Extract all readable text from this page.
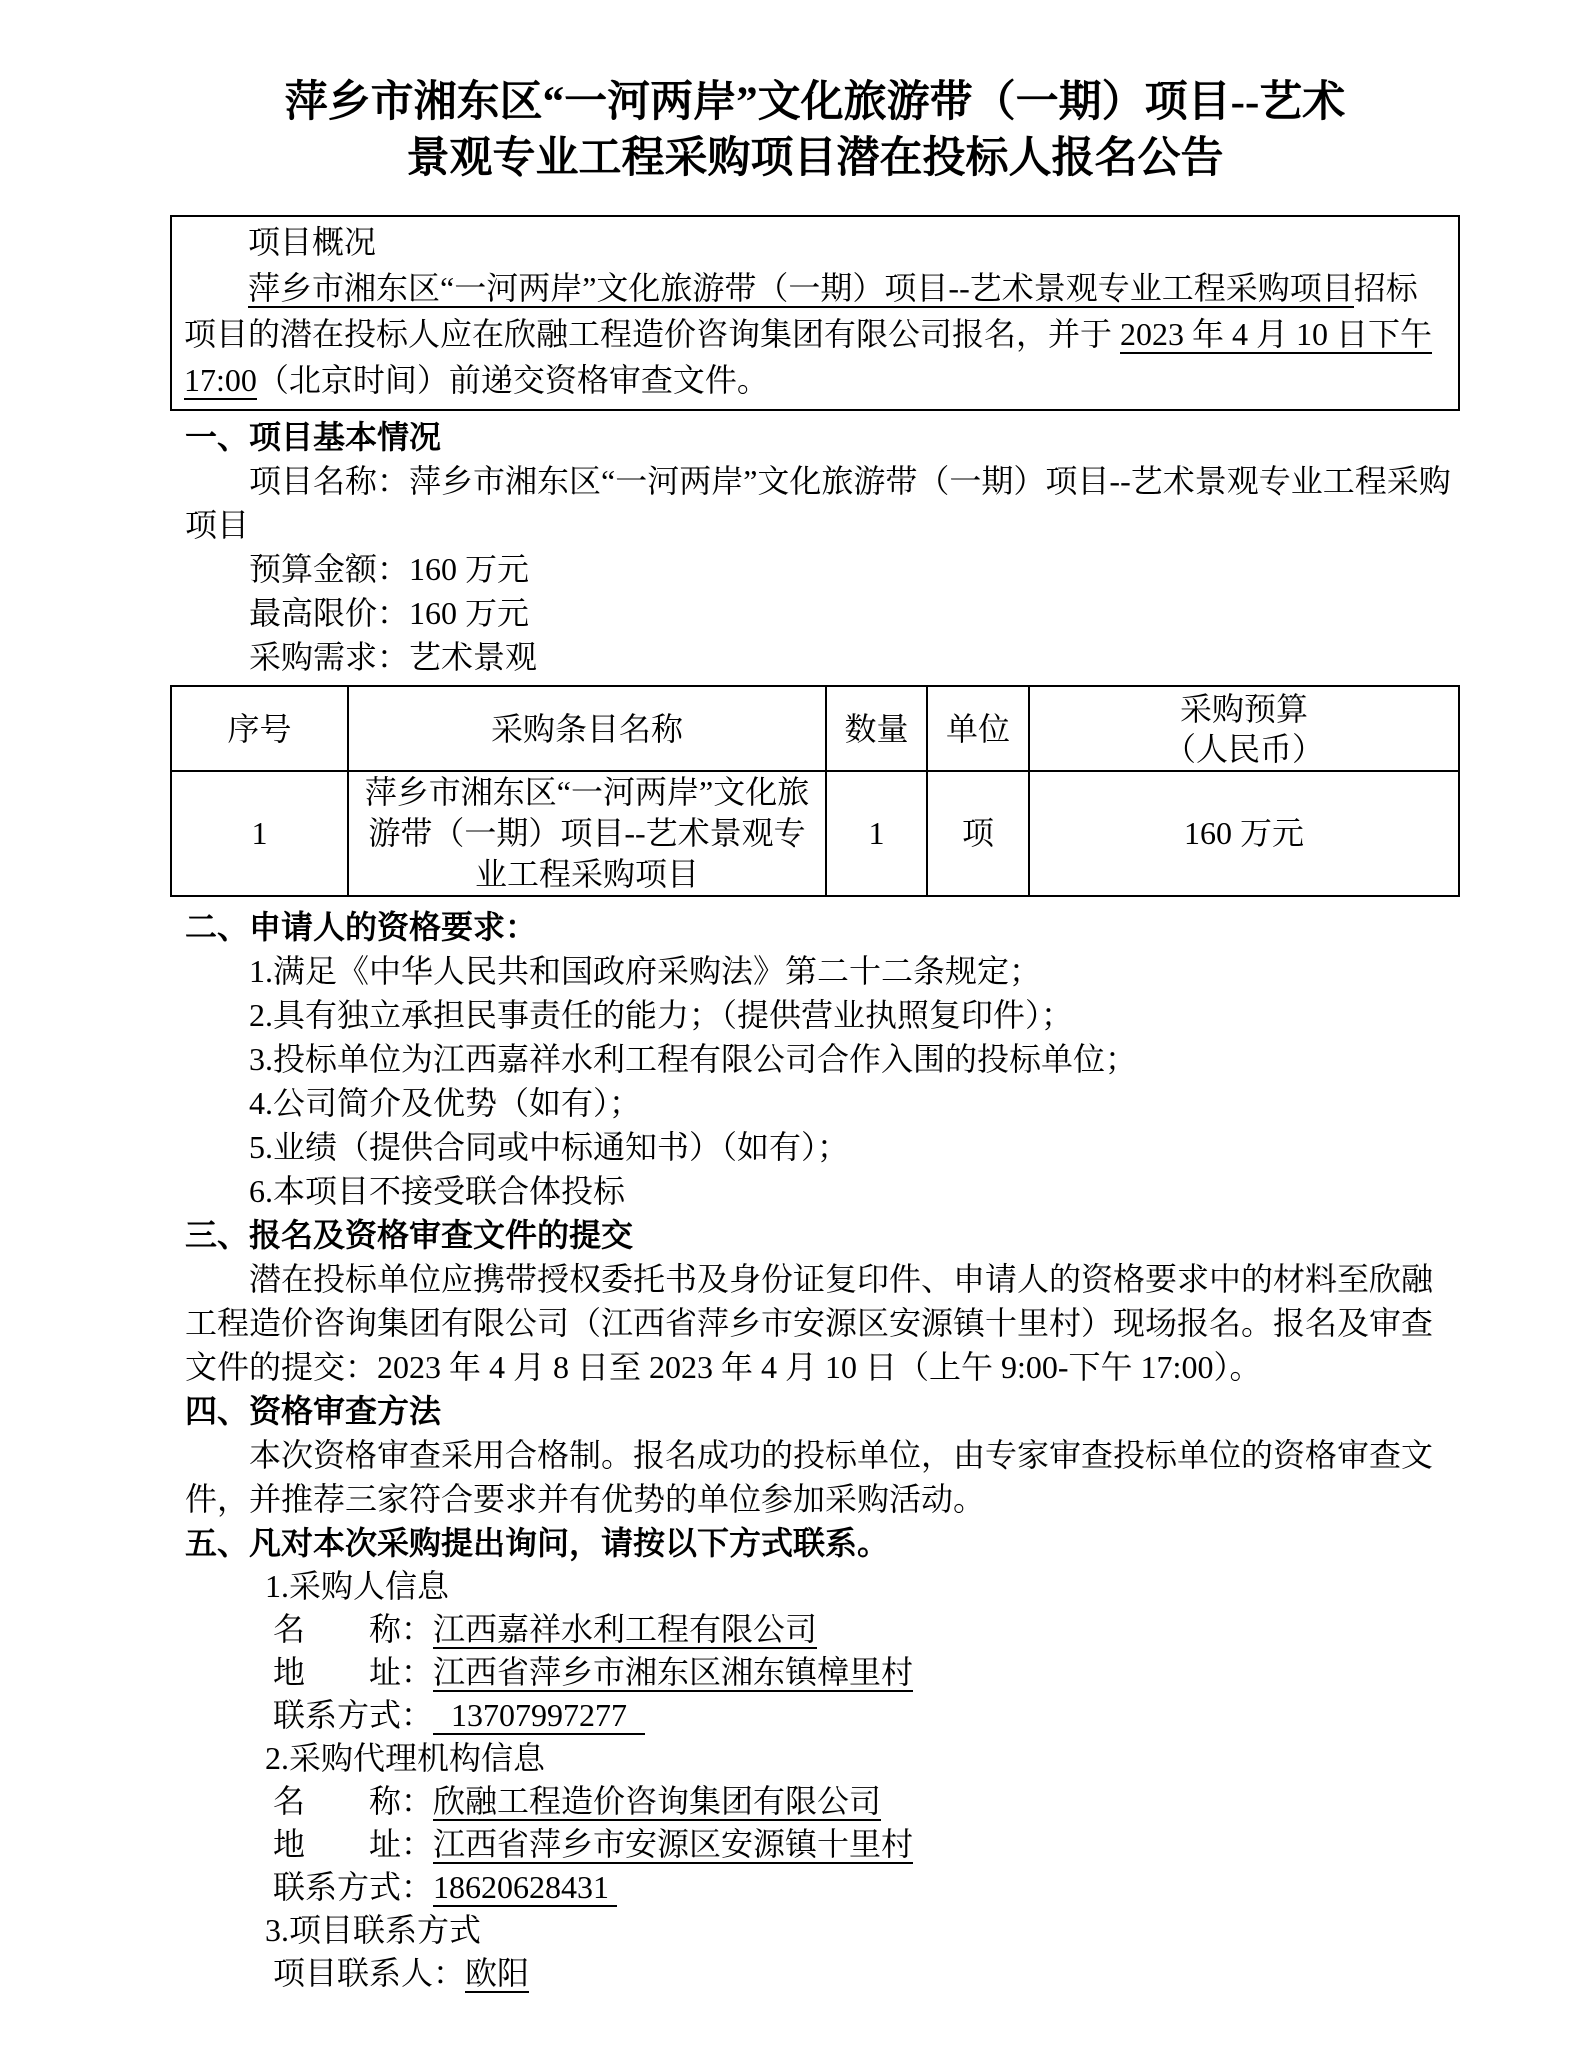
萍乡市湘东区“一河两岸”文化旅游带（一期）项目--艺术
景观专业工程采购项目潜在投标人报名公告

项目概况

萍乡市湘东区“一河两岸”文化旅游带（一期）项目--艺术景观专业工程采购项目招标项目的潜在投标人应在欣融工程造价咨询集团有限公司报名，并于 2023 年 4 月 10 日下午 17:00（北京时间）前递交资格审查文件。

一、项目基本情况

项目名称：萍乡市湘东区“一河两岸”文化旅游带（一期）项目--艺术景观专业工程采购项目

预算金额：160 万元

最高限价：160 万元

采购需求：艺术景观

序号	采购条目名称	数量	单位	采购预算
（人民币）

1	萍乡市湘东区“一河两岸”文化旅游带（一期）项目--艺术景观专业工程采购项目	1	项	160 万元
二、申请人的资格要求：

1.满足《中华人民共和国政府采购法》第二十二条规定；

2.具有独立承担民事责任的能力；（提供营业执照复印件）；

3.投标单位为江西嘉祥水利工程有限公司合作入围的投标单位；

4.公司简介及优势（如有）；

5.业绩（提供合同或中标通知书）（如有）；

6.本项目不接受联合体投标

三、报名及资格审查文件的提交

潜在投标单位应携带授权委托书及身份证复印件、申请人的资格要求中的材料至欣融工程造价咨询集团有限公司（江西省萍乡市安源区安源镇十里村）现场报名。报名及审查文件的提交：2023 年 4 月 8 日至 2023 年 4 月 10 日（上午 9:00-下午 17:00）。

四、资格审查方法

本次资格审查采用合格制。报名成功的投标单位，由专家审查投标单位的资格审查文件，并推荐三家符合要求并有优势的单位参加采购活动。

五、凡对本次采购提出询问，请按以下方式联系。

1.采购人信息

名　　称：江西嘉祥水利工程有限公司

地　　址：江西省萍乡市湘东区湘东镇樟里村

联系方式： 13707997277

2.采购代理机构信息

名　　称：欣融工程造价咨询集团有限公司

地　　址：江西省萍乡市安源区安源镇十里村

联系方式：18620628431

3.项目联系方式

项目联系人：欧阳
